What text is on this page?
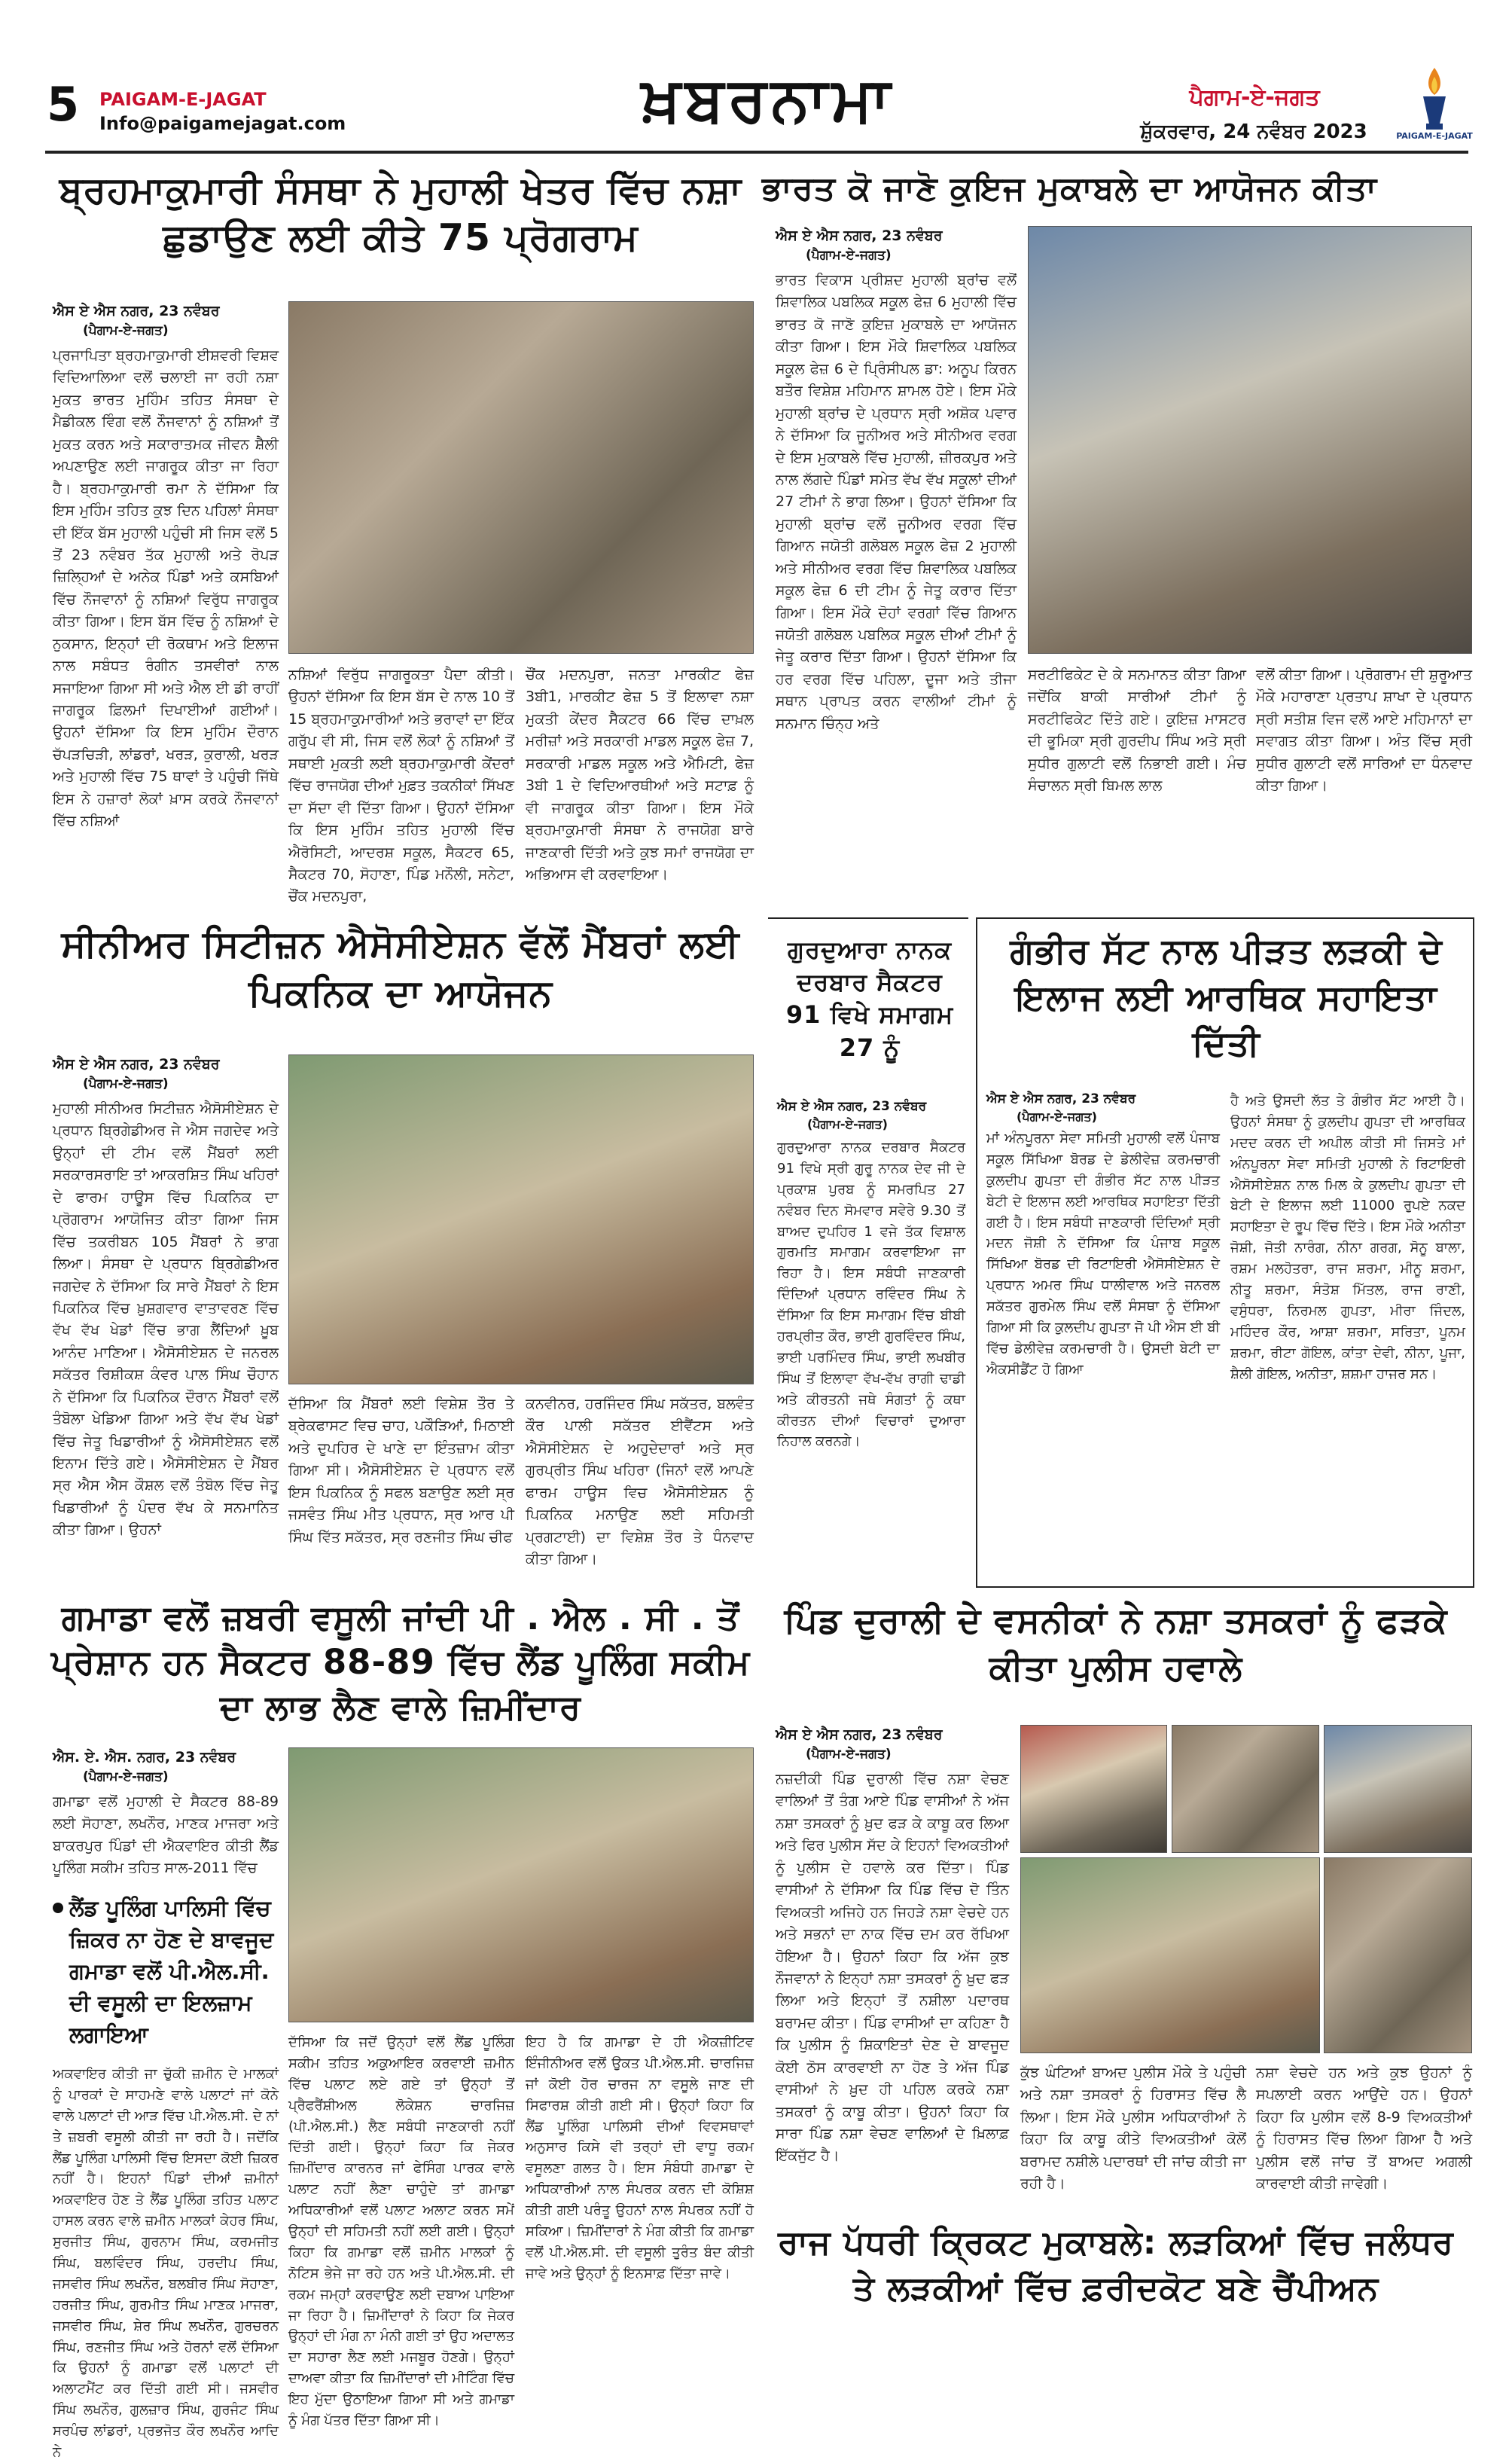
5 PAIGAM-E-JAGAT
Info@paigamejagat.com	ਖ਼ਬਰਨਾਮਾ	ਪੈਗਾਮ-ਏ-ਜਗਤ
ਸ਼ੁੱਕਰਵਾਰ, 24 ਨਵੰਬਰ 2023	PAIGAM-E-JAGAT
ਬ੍ਰਹਮਾਕੁਮਾਰੀ ਸੰਸਥਾ ਨੇ ਮੁਹਾਲੀ ਖੇਤਰ ਵਿੱਚ ਨਸ਼ਾ ਛੁਡਾਉਣ ਲਈ ਕੀਤੇ 75 ਪ੍ਰੋਗਰਾਮ
ਐਸ ਏ ਐਸ ਨਗਰ, 23 ਨਵੰਬਰ
(ਪੈਗਾਮ-ਏ-ਜਗਤ)
ਪ੍ਰਜਾਪਿਤਾ ਬ੍ਰਹਮਾਕੁਮਾਰੀ ਈਸ਼ਵਰੀ ਵਿਸ਼ਵ ਵਿਦਿਆਲਿਆ ਵਲੋਂ ਚਲਾਈ ਜਾ ਰਹੀ ਨਸ਼ਾ ਮੁਕਤ ਭਾਰਤ ਮੁਹਿੰਮ ਤਹਿਤ ਸੰਸਥਾ ਦੇ ਮੈਡੀਕਲ ਵਿੰਗ ਵਲੋਂ ਨੌਜਵਾਨਾਂ ਨੂੰ ਨਸ਼ਿਆਂ ਤੋਂ ਮੁਕਤ ਕਰਨ ਅਤੇ ਸਕਾਰਾਤਮਕ ਜੀਵਨ ਸ਼ੈਲੀ ਅਪਣਾਉਣ ਲਈ ਜਾਗਰੂਕ ਕੀਤਾ ਜਾ ਰਿਹਾ ਹੈ। ਬ੍ਰਹਮਾਕੁਮਾਰੀ ਰਮਾ ਨੇ ਦੱਸਿਆ ਕਿ ਇਸ ਮੁਹਿੰਮ ਤਹਿਤ ਕੁਝ ਦਿਨ ਪਹਿਲਾਂ ਸੰਸਥਾ ਦੀ ਇੱਕ ਬੱਸ ਮੁਹਾਲੀ ਪਹੁੰਚੀ ਸੀ ਜਿਸ ਵਲੋਂ 5 ਤੋਂ 23 ਨਵੰਬਰ ਤੱਕ ਮੁਹਾਲੀ ਅਤੇ ਰੋਪੜ ਜ਼ਿਲ੍ਹਿਆਂ ਦੇ ਅਨੇਕ ਪਿੰਡਾਂ ਅਤੇ ਕਸਬਿਆਂ ਵਿੱਚ ਨੌਜਵਾਨਾਂ ਨੂੰ ਨਸ਼ਿਆਂ ਵਿਰੁੱਧ ਜਾਗਰੂਕ ਕੀਤਾ ਗਿਆ। ਇਸ ਬੱਸ ਵਿੱਚ ਨੂੰ ਨਸ਼ਿਆਂ ਦੇ ਨੁਕਸਾਨ, ਇਨ੍ਹਾਂ ਦੀ ਰੋਕਥਾਮ ਅਤੇ ਇਲਾਜ ਨਾਲ ਸਬੰਧਤ ਰੰਗੀਨ ਤਸਵੀਰਾਂ ਨਾਲ ਸਜਾਇਆ ਗਿਆ ਸੀ ਅਤੇ ਐਲ ਈ ਡੀ ਰਾਹੀਂ ਜਾਗਰੂਕ ਫ਼ਿਲਮਾਂ ਦਿਖਾਈਆਂ ਗਈਆਂ। ਉਹਨਾਂ ਦੱਸਿਆ ਕਿ ਇਸ ਮੁਹਿੰਮ ਦੌਰਾਨ ਚੱਪੜਚਿੜੀ, ਲਾਂਡਰਾਂ, ਖਰੜ, ਕੁਰਾਲੀ, ਖਰੜ ਅਤੇ ਮੁਹਾਲੀ ਵਿੱਚ 75 ਥਾਵਾਂ ਤੇ ਪਹੁੰਚੀ ਜਿੱਥੇ ਇਸ ਨੇ ਹਜ਼ਾਰਾਂ ਲੋਕਾਂ ਖ਼ਾਸ ਕਰਕੇ ਨੌਜਵਾਨਾਂ ਵਿੱਚ ਨਸ਼ਿਆਂ
ਨਸ਼ਿਆਂ ਵਿਰੁੱਧ ਜਾਗਰੂਕਤਾ ਪੈਦਾ ਕੀਤੀ। ਉਹਨਾਂ ਦੱਸਿਆ ਕਿ ਇਸ ਬੱਸ ਦੇ ਨਾਲ 10 ਤੋਂ 15 ਬ੍ਰਹਮਾਕੁਮਾਰੀਆਂ ਅਤੇ ਭਰਾਵਾਂ ਦਾ ਇੱਕ ਗਰੁੱਪ ਵੀ ਸੀ, ਜਿਸ ਵਲੋਂ ਲੋਕਾਂ ਨੂੰ ਨਸ਼ਿਆਂ ਤੋਂ ਸਥਾਈ ਮੁਕਤੀ ਲਈ ਬ੍ਰਹਮਾਕੁਮਾਰੀ ਕੇਂਦਰਾਂ ਵਿੱਚ ਰਾਜਯੋਗ ਦੀਆਂ ਮੁਫ਼ਤ ਤਕਨੀਕਾਂ ਸਿੱਖਣ ਦਾ ਸੱਦਾ ਵੀ ਦਿੱਤਾ ਗਿਆ। ਉਹਨਾਂ ਦੱਸਿਆ ਕਿ ਇਸ ਮੁਹਿੰਮ ਤਹਿਤ ਮੁਹਾਲੀ ਵਿੱਚ ਐਰੋਸਿਟੀ, ਆਦਰਸ਼ ਸਕੂਲ, ਸੈਕਟਰ 65, ਸੈਕਟਰ 70, ਸੋਹਾਣਾ, ਪਿੰਡ ਮਨੌਲੀ, ਸਨੇਟਾ, ਚੌਂਕ ਮਦਨਪੁਰਾ,
ਚੌਂਕ ਮਦਨਪੁਰਾ, ਜਨਤਾ ਮਾਰਕੀਟ ਫੇਜ਼ 3ਬੀ1, ਮਾਰਕੀਟ ਫੇਜ਼ 5 ਤੋਂ ਇਲਾਵਾ ਨਸ਼ਾ ਮੁਕਤੀ ਕੇਂਦਰ ਸੈਕਟਰ 66 ਵਿੱਚ ਦਾਖ਼ਲ ਮਰੀਜ਼ਾਂ ਅਤੇ ਸਰਕਾਰੀ ਮਾਡਲ ਸਕੂਲ ਫੇਜ਼ 7, ਸਰਕਾਰੀ ਮਾਡਲ ਸਕੂਲ ਅਤੇ ਐਮਿਟੀ, ਫੇਜ਼ 3ਬੀ 1 ਦੇ ਵਿਦਿਆਰਥੀਆਂ ਅਤੇ ਸਟਾਫ਼ ਨੂੰ ਵੀ ਜਾਗਰੂਕ ਕੀਤਾ ਗਿਆ। ਇਸ ਮੌਕੇ ਬ੍ਰਹਮਾਕੁਮਾਰੀ ਸੰਸਥਾ ਨੇ ਰਾਜਯੋਗ ਬਾਰੇ ਜਾਣਕਾਰੀ ਦਿੱਤੀ ਅਤੇ ਕੁਝ ਸਮਾਂ ਰਾਜਯੋਗ ਦਾ ਅਭਿਆਸ ਵੀ ਕਰਵਾਇਆ।
ਭਾਰਤ ਕੋ ਜਾਣੋ ਕੁਇਜ ਮੁਕਾਬਲੇ ਦਾ ਆਯੋਜਨ ਕੀਤਾ
ਐਸ ਏ ਐਸ ਨਗਰ, 23 ਨਵੰਬਰ
(ਪੈਗਾਮ-ਏ-ਜਗਤ)
ਭਾਰਤ ਵਿਕਾਸ ਪ੍ਰੀਸ਼ਦ ਮੁਹਾਲੀ ਬ੍ਰਾਂਚ ਵਲੋਂ ਸ਼ਿਵਾਲਿਕ ਪਬਲਿਕ ਸਕੂਲ ਫੇਜ਼ 6 ਮੁਹਾਲੀ ਵਿੱਚ ਭਾਰਤ ਕੋ ਜਾਣੋ ਕੁਇਜ਼ ਮੁਕਾਬਲੇ ਦਾ ਆਯੋਜਨ ਕੀਤਾ ਗਿਆ। ਇਸ ਮੌਕੇ ਸ਼ਿਵਾਲਿਕ ਪਬਲਿਕ ਸਕੂਲ ਫੇਜ਼ 6 ਦੇ ਪ੍ਰਿੰਸੀਪਲ ਡਾ: ਅਨੂਪ ਕਿਰਨ ਬਤੌਰ ਵਿਸ਼ੇਸ਼ ਮਹਿਮਾਨ ਸ਼ਾਮਲ ਹੋਏ। ਇਸ ਮੌਕੇ ਮੁਹਾਲੀ ਬ੍ਰਾਂਚ ਦੇ ਪ੍ਰਧਾਨ ਸ੍ਰੀ ਅਸ਼ੋਕ ਪਵਾਰ ਨੇ ਦੱਸਿਆ ਕਿ ਜੂਨੀਅਰ ਅਤੇ ਸੀਨੀਅਰ ਵਰਗ ਦੇ ਇਸ ਮੁਕਾਬਲੇ ਵਿੱਚ ਮੁਹਾਲੀ, ਜ਼ੀਰਕਪੁਰ ਅਤੇ ਨਾਲ ਲੱਗਦੇ ਪਿੰਡਾਂ ਸਮੇਤ ਵੱਖ ਵੱਖ ਸਕੂਲਾਂ ਦੀਆਂ 27 ਟੀਮਾਂ ਨੇ ਭਾਗ ਲਿਆ। ਉਹਨਾਂ ਦੱਸਿਆ ਕਿ ਮੁਹਾਲੀ ਬ੍ਰਾਂਚ ਵਲੋਂ ਜੂਨੀਅਰ ਵਰਗ ਵਿੱਚ ਗਿਆਨ ਜਯੋਤੀ ਗਲੋਬਲ ਸਕੂਲ ਫੇਜ਼ 2 ਮੁਹਾਲੀ ਅਤੇ ਸੀਨੀਅਰ ਵਰਗ ਵਿੱਚ ਸ਼ਿਵਾਲਿਕ ਪਬਲਿਕ ਸਕੂਲ ਫੇਜ਼ 6 ਦੀ ਟੀਮ ਨੂੰ ਜੇਤੂ ਕਰਾਰ ਦਿੱਤਾ ਗਿਆ। ਇਸ ਮੌਕੇ ਦੋਹਾਂ ਵਰਗਾਂ ਵਿੱਚ ਗਿਆਨ ਜਯੋਤੀ ਗਲੋਬਲ ਪਬਲਿਕ ਸਕੂਲ ਦੀਆਂ ਟੀਮਾਂ ਨੂੰ ਜੇਤੂ ਕਰਾਰ ਦਿੱਤਾ ਗਿਆ। ਉਹਨਾਂ ਦੱਸਿਆ ਕਿ ਹਰ ਵਰਗ ਵਿੱਚ ਪਹਿਲਾ, ਦੂਜਾ ਅਤੇ ਤੀਜਾ ਸਥਾਨ ਪ੍ਰਾਪਤ ਕਰਨ ਵਾਲੀਆਂ ਟੀਮਾਂ ਨੂੰ ਸਨਮਾਨ ਚਿੰਨ੍ਹ ਅਤੇ
ਸਰਟੀਫਿਕੇਟ ਦੇ ਕੇ ਸਨਮਾਨਤ ਕੀਤਾ ਗਿਆ ਜਦੋਂਕਿ ਬਾਕੀ ਸਾਰੀਆਂ ਟੀਮਾਂ ਨੂੰ ਸਰਟੀਫਿਕੇਟ ਦਿੱਤੇ ਗਏ। ਕੁਇਜ਼ ਮਾਸਟਰ ਦੀ ਭੂਮਿਕਾ ਸ੍ਰੀ ਗੁਰਦੀਪ ਸਿੰਘ ਅਤੇ ਸ੍ਰੀ ਸੁਧੀਰ ਗੁਲਾਟੀ ਵਲੋਂ ਨਿਭਾਈ ਗਈ। ਮੰਚ ਸੰਚਾਲਨ ਸ੍ਰੀ ਬਿਮਲ ਲਾਲ
ਵਲੋਂ ਕੀਤਾ ਗਿਆ। ਪ੍ਰੋਗਰਾਮ ਦੀ ਸ਼ੁਰੂਆਤ ਮੌਕੇ ਮਹਾਰਾਣਾ ਪ੍ਰਤਾਪ ਸ਼ਾਖਾ ਦੇ ਪ੍ਰਧਾਨ ਸ੍ਰੀ ਸਤੀਸ਼ ਵਿਜ ਵਲੋਂ ਆਏ ਮਹਿਮਾਨਾਂ ਦਾ ਸਵਾਗਤ ਕੀਤਾ ਗਿਆ। ਅੰਤ ਵਿੱਚ ਸ੍ਰੀ ਸੁਧੀਰ ਗੁਲਾਟੀ ਵਲੋਂ ਸਾਰਿਆਂ ਦਾ ਧੰਨਵਾਦ ਕੀਤਾ ਗਿਆ।
ਸੀਨੀਅਰ ਸਿਟੀਜ਼ਨ ਐਸੋਸੀਏਸ਼ਨ ਵੱਲੋਂ ਮੈਂਬਰਾਂ ਲਈ ਪਿਕਨਿਕ ਦਾ ਆਯੋਜਨ
ਐਸ ਏ ਐਸ ਨਗਰ, 23 ਨਵੰਬਰ
(ਪੈਗਾਮ-ਏ-ਜਗਤ)
ਮੁਹਾਲੀ ਸੀਨੀਅਰ ਸਿਟੀਜ਼ਨ ਐਸੋਸੀਏਸ਼ਨ ਦੇ ਪ੍ਰਧਾਨ ਬ੍ਰਿਗੇਡੀਅਰ ਜੇ ਐਸ ਜਗਦੇਵ ਅਤੇ ਉਨ੍ਹਾਂ ਦੀ ਟੀਮ ਵਲੋਂ ਮੈਂਬਰਾਂ ਲਈ ਸਰਕਾਰਸਰਾਇ ਤਾਂ ਆਕਰਸ਼ਿਤ ਸਿੰਘ ਖਹਿਰਾਂ ਦੇ ਫਾਰਮ ਹਾਊਸ ਵਿੱਚ ਪਿਕਨਿਕ ਦਾ ਪ੍ਰੋਗਰਾਮ ਆਯੋਜਿਤ ਕੀਤਾ ਗਿਆ ਜਿਸ ਵਿੱਚ ਤਕਰੀਬਨ 105 ਮੈਂਬਰਾਂ ਨੇ ਭਾਗ ਲਿਆ। ਸੰਸਥਾ ਦੇ ਪ੍ਰਧਾਨ ਬ੍ਰਿਗੇਡੀਅਰ ਜਗਦੇਵ ਨੇ ਦੱਸਿਆ ਕਿ ਸਾਰੇ ਮੈਂਬਰਾਂ ਨੇ ਇਸ ਪਿਕਨਿਕ ਵਿੱਚ ਖ਼ੁਸ਼ਗਵਾਰ ਵਾਤਾਵਰਣ ਵਿੱਚ ਵੱਖ ਵੱਖ ਖੇਡਾਂ ਵਿੱਚ ਭਾਗ ਲੈਂਦਿਆਂ ਖ਼ੂਬ ਆਨੰਦ ਮਾਣਿਆ। ਐਸੋਸੀਏਸ਼ਨ ਦੇ ਜਨਰਲ ਸਕੱਤਰ ਰਿਸ਼ੀਕਸ਼ ਕੰਵਰ ਪਾਲ ਸਿੰਘ ਚੌਹਾਨ ਨੇ ਦੱਸਿਆ ਕਿ ਪਿਕਨਿਕ ਦੌਰਾਨ ਮੈਂਬਰਾਂ ਵਲੋਂ ਤੰਬੋਲਾ ਖੇਡਿਆ ਗਿਆ ਅਤੇ ਵੱਖ ਵੱਖ ਖੇਡਾਂ ਵਿੱਚ ਜੇਤੂ ਖਿਡਾਰੀਆਂ ਨੂੰ ਐਸੋਸੀਏਸ਼ਨ ਵਲੋਂ ਇਨਾਮ ਦਿੱਤੇ ਗਏ। ਐਸੋਸੀਏਸ਼ਨ ਦੇ ਮੈਂਬਰ ਸ੍ਰ ਐਸ ਐਸ ਕੌਸ਼ਲ ਵਲੋਂ ਤੰਬੋਲ ਵਿੱਚ ਜੇਤੂ ਖਿਡਾਰੀਆਂ ਨੂੰ ਪੰਦਰ ਵੱਖ ਕੇ ਸਨਮਾਨਿਤ ਕੀਤਾ ਗਿਆ। ਉਹਨਾਂ
ਦੱਸਿਆ ਕਿ ਮੈਂਬਰਾਂ ਲਈ ਵਿਸ਼ੇਸ਼ ਤੌਰ ਤੇ ਬ੍ਰੇਕਫਾਸਟ ਵਿਚ ਚਾਹ, ਪਕੌੜਿਆਂ, ਮਿਠਾਈ ਅਤੇ ਦੁਪਹਿਰ ਦੇ ਖਾਣੇ ਦਾ ਇੰਤਜ਼ਾਮ ਕੀਤਾ ਗਿਆ ਸੀ। ਐਸੋਸੀਏਸ਼ਨ ਦੇ ਪ੍ਰਧਾਨ ਵਲੋਂ ਇਸ ਪਿਕਨਿਕ ਨੂੰ ਸਫਲ ਬਣਾਉਣ ਲਈ ਸ੍ਰ ਜਸਵੰਤ ਸਿੰਘ ਮੀਤ ਪ੍ਰਧਾਨ, ਸ੍ਰ ਆਰ ਪੀ ਸਿੰਘ ਵਿੱਤ ਸਕੱਤਰ, ਸ੍ਰ ਰਣਜੀਤ ਸਿੰਘ ਚੀਫ
ਕਨਵੀਨਰ, ਹਰਜਿੰਦਰ ਸਿੰਘ ਸਕੱਤਰ, ਬਲਵੰਤ ਕੌਰ ਪਾਲੀ ਸਕੱਤਰ ਈਵੈਂਟਸ ਅਤੇ ਐਸੋਸੀਏਸ਼ਨ ਦੇ ਅਹੁਦੇਦਾਰਾਂ ਅਤੇ ਸ੍ਰ ਗੁਰਪ੍ਰੀਤ ਸਿੰਘ ਖਹਿਰਾ (ਜਿਨਾਂ ਵਲੋਂ ਆਪਣੇ ਫਾਰਮ ਹਾਊਸ ਵਿਚ ਐਸੋਸੀਏਸ਼ਨ ਨੂੰ ਪਿਕਨਿਕ ਮਨਾਉਣ ਲਈ ਸਹਿਮਤੀ ਪ੍ਰਗਟਾਈ) ਦਾ ਵਿਸ਼ੇਸ਼ ਤੌਰ ਤੇ ਧੰਨਵਾਦ ਕੀਤਾ ਗਿਆ।
ਗੁਰਦੁਆਰਾ ਨਾਨਕ ਦਰਬਾਰ ਸੈਕਟਰ 91 ਵਿਖੇ ਸਮਾਗਮ 27 ਨੂੰ
ਐਸ ਏ ਐਸ ਨਗਰ, 23 ਨਵੰਬਰ
(ਪੈਗਾਮ-ਏ-ਜਗਤ)
ਗੁਰਦੁਆਰਾ ਨਾਨਕ ਦਰਬਾਰ ਸੈਕਟਰ 91 ਵਿਖੇ ਸ੍ਰੀ ਗੁਰੂ ਨਾਨਕ ਦੇਵ ਜੀ ਦੇ ਪ੍ਰਕਾਸ਼ ਪੁਰਬ ਨੂੰ ਸਮਰਪਿਤ 27 ਨਵੰਬਰ ਦਿਨ ਸੋਮਵਾਰ ਸਵੇਰੇ 9.30 ਤੋਂ ਬਾਅਦ ਦੁਪਹਿਰ 1 ਵਜੇ ਤੱਕ ਵਿਸ਼ਾਲ ਗੁਰਮਤਿ ਸਮਾਗਮ ਕਰਵਾਇਆ ਜਾ ਰਿਹਾ ਹੈ। ਇਸ ਸਬੰਧੀ ਜਾਣਕਾਰੀ ਦਿੰਦਿਆਂ ਪ੍ਰਧਾਨ ਰਵਿੰਦਰ ਸਿੰਘ ਨੇ ਦੱਸਿਆ ਕਿ ਇਸ ਸਮਾਗਮ ਵਿੱਚ ਬੀਬੀ ਹਰਪ੍ਰੀਤ ਕੌਰ, ਭਾਈ ਗੁਰਵਿੰਦਰ ਸਿੰਘ, ਭਾਈ ਪਰਮਿੰਦਰ ਸਿੰਘ, ਭਾਈ ਲਖਬੀਰ ਸਿੰਘ ਤੋਂ ਇਲਾਵਾ ਵੱਖ-ਵੱਖ ਰਾਗੀ ਢਾਡੀ ਅਤੇ ਕੀਰਤਨੀ ਜਥੇ ਸੰਗਤਾਂ ਨੂੰ ਕਥਾ ਕੀਰਤਨ ਦੀਆਂ ਵਿਚਾਰਾਂ ਦੁਆਰਾ ਨਿਹਾਲ ਕਰਨਗੇ।
ਗੰਭੀਰ ਸੱਟ ਨਾਲ ਪੀੜਤ ਲੜਕੀ ਦੇ ਇਲਾਜ ਲਈ ਆਰਥਿਕ ਸਹਾਇਤਾ ਦਿੱਤੀ
ਐਸ ਏ ਐਸ ਨਗਰ, 23 ਨਵੰਬਰ
(ਪੈਗਾਮ-ਏ-ਜਗਤ)
ਮਾਂ ਅੰਨਪੂਰਨਾ ਸੇਵਾ ਸਮਿਤੀ ਮੁਹਾਲੀ ਵਲੋਂ ਪੰਜਾਬ ਸਕੂਲ ਸਿੱਖਿਆ ਬੋਰਡ ਦੇ ਡੇਲੀਵੇਜ਼ ਕਰਮਚਾਰੀ ਕੁਲਦੀਪ ਗੁਪਤਾ ਦੀ ਗੰਭੀਰ ਸੱਟ ਨਾਲ ਪੀੜਤ ਬੇਟੀ ਦੇ ਇਲਾਜ ਲਈ ਆਰਥਿਕ ਸਹਾਇਤਾ ਦਿੱਤੀ ਗਈ ਹੈ। ਇਸ ਸਬੰਧੀ ਜਾਣਕਾਰੀ ਦਿੰਦਿਆਂ ਸ੍ਰੀ ਮਦਨ ਜੋਸ਼ੀ ਨੇ ਦੱਸਿਆ ਕਿ ਪੰਜਾਬ ਸਕੂਲ ਸਿੱਖਿਆ ਬੋਰਡ ਦੀ ਰਿਟਾਇਰੀ ਐਸੋਸੀਏਸ਼ਨ ਦੇ ਪ੍ਰਧਾਨ ਅਮਰ ਸਿੰਘ ਧਾਲੀਵਾਲ ਅਤੇ ਜਨਰਲ ਸਕੱਤਰ ਗੁਰਮੇਲ ਸਿੰਘ ਵਲੋਂ ਸੰਸਥਾ ਨੂੰ ਦੱਸਿਆ ਗਿਆ ਸੀ ਕਿ ਕੁਲਦੀਪ ਗੁਪਤਾ ਜੋ ਪੀ ਐਸ ਈ ਬੀ ਵਿੱਚ ਡੇਲੀਵੇਜ਼ ਕਰਮਚਾਰੀ ਹੈ। ਉਸਦੀ ਬੇਟੀ ਦਾ ਐਕਸੀਡੈਂਟ ਹੋ ਗਿਆ
ਹੈ ਅਤੇ ਉਸਦੀ ਲੱਤ ਤੇ ਗੰਭੀਰ ਸੱਟ ਆਈ ਹੈ। ਉਹਨਾਂ ਸੰਸਥਾ ਨੂੰ ਕੁਲਦੀਪ ਗੁਪਤਾ ਦੀ ਆਰਥਿਕ ਮਦਦ ਕਰਨ ਦੀ ਅਪੀਲ ਕੀਤੀ ਸੀ ਜਿਸਤੇ ਮਾਂ ਅੰਨਪੂਰਨਾ ਸੇਵਾ ਸਮਿਤੀ ਮੁਹਾਲੀ ਨੇ ਰਿਟਾਇਰੀ ਐਸੋਸੀਏਸ਼ਨ ਨਾਲ ਮਿਲ ਕੇ ਕੁਲਦੀਪ ਗੁਪਤਾ ਦੀ ਬੇਟੀ ਦੇ ਇਲਾਜ ਲਈ 11000 ਰੁਪਏ ਨਕਦ ਸਹਾਇਤਾ ਦੇ ਰੂਪ ਵਿੱਚ ਦਿੱਤੇ। ਇਸ ਮੌਕੇ ਅਨੀਤਾ ਜੋਸ਼ੀ, ਜੋਤੀ ਨਾਰੰਗ, ਨੀਨਾ ਗਰਗ, ਸੋਨੂ ਬਾਲਾ, ਰਸ਼ਮ ਮਲਹੋਤਰਾ, ਰਾਜ ਸ਼ਰਮਾ, ਮੀਨੂ ਸ਼ਰਮਾ, ਨੀਤੂ ਸ਼ਰਮਾ, ਸੰਤੋਸ਼ ਮਿੱਤਲ, ਰਾਜ ਰਾਣੀ, ਵਸੁੰਧਰਾ, ਨਿਰਮਲ ਗੁਪਤਾ, ਮੀਰਾ ਜਿੰਦਲ, ਮਹਿੰਦਰ ਕੌਰ, ਆਸ਼ਾ ਸ਼ਰਮਾ, ਸਰਿਤਾ, ਪੂਨਮ ਸ਼ਰਮਾ, ਰੀਟਾ ਗੋਇਲ, ਕਾਂਤਾ ਦੇਵੀ, ਨੀਨਾ, ਪੂਜਾ, ਸ਼ੈਲੀ ਗੋਇਲ, ਅਨੀਤਾ, ਸ਼ਸ਼ਮਾ ਹਾਜਰ ਸਨ।
ਪਿੰਡ ਦੁਰਾਲੀ ਦੇ ਵਸਨੀਕਾਂ ਨੇ ਨਸ਼ਾ ਤਸਕਰਾਂ ਨੂੰ ਫੜਕੇ ਕੀਤਾ ਪੁਲੀਸ ਹਵਾਲੇ
ਐਸ ਏ ਐਸ ਨਗਰ, 23 ਨਵੰਬਰ
(ਪੈਗਾਮ-ਏ-ਜਗਤ)
ਨਜ਼ਦੀਕੀ ਪਿੰਡ ਦੁਰਾਲੀ ਵਿੱਚ ਨਸ਼ਾ ਵੇਚਣ ਵਾਲਿਆਂ ਤੋਂ ਤੰਗ ਆਏ ਪਿੰਡ ਵਾਸੀਆਂ ਨੇ ਅੱਜ ਨਸ਼ਾ ਤਸਕਰਾਂ ਨੂੰ ਖ਼ੁਦ ਫੜ ਕੇ ਕਾਬੂ ਕਰ ਲਿਆ ਅਤੇ ਫਿਰ ਪੁਲੀਸ ਸੱਦ ਕੇ ਇਹਨਾਂ ਵਿਅਕਤੀਆਂ ਨੂੰ ਪੁਲੀਸ ਦੇ ਹਵਾਲੇ ਕਰ ਦਿੱਤਾ। ਪਿੰਡ ਵਾਸੀਆਂ ਨੇ ਦੱਸਿਆ ਕਿ ਪਿੰਡ ਵਿੱਚ ਦੋ ਤਿੰਨ ਵਿਅਕਤੀ ਅਜਿਹੇ ਹਨ ਜਿਹੜੇ ਨਸ਼ਾ ਵੇਚਦੇ ਹਨ ਅਤੇ ਸਭਨਾਂ ਦਾ ਨਾਕ ਵਿੱਚ ਦਮ ਕਰ ਰੱਖਿਆ ਹੋਇਆ ਹੈ। ਉਹਨਾਂ ਕਿਹਾ ਕਿ ਅੱਜ ਕੁਝ ਨੌਜਵਾਨਾਂ ਨੇ ਇਨ੍ਹਾਂ ਨਸ਼ਾ ਤਸਕਰਾਂ ਨੂੰ ਖ਼ੁਦ ਫੜ ਲਿਆ ਅਤੇ ਇਨ੍ਹਾਂ ਤੋਂ ਨਸ਼ੀਲਾ ਪਦਾਰਥ ਬਰਾਮਦ ਕੀਤਾ। ਪਿੰਡ ਵਾਸੀਆਂ ਦਾ ਕਹਿਣਾ ਹੈ ਕਿ ਪੁਲੀਸ ਨੂੰ ਸ਼ਿਕਾਇਤਾਂ ਦੇਣ ਦੇ ਬਾਵਜੂਦ ਕੋਈ ਠੋਸ ਕਾਰਵਾਈ ਨਾ ਹੋਣ ਤੇ ਅੱਜ ਪਿੰਡ ਵਾਸੀਆਂ ਨੇ ਖ਼ੁਦ ਹੀ ਪਹਿਲ ਕਰਕੇ ਨਸ਼ਾ ਤਸਕਰਾਂ ਨੂੰ ਕਾਬੂ ਕੀਤਾ। ਉਹਨਾਂ ਕਿਹਾ ਕਿ ਸਾਰਾ ਪਿੰਡ ਨਸ਼ਾ ਵੇਚਣ ਵਾਲਿਆਂ ਦੇ ਖ਼ਿਲਾਫ਼ ਇੱਕਜੁੱਟ ਹੈ।
ਕੁੱਝ ਘੰਟਿਆਂ ਬਾਅਦ ਪੁਲੀਸ ਮੌਕੇ ਤੇ ਪਹੁੰਚੀ ਅਤੇ ਨਸ਼ਾ ਤਸਕਰਾਂ ਨੂੰ ਹਿਰਾਸਤ ਵਿੱਚ ਲੈ ਲਿਆ। ਇਸ ਮੌਕੇ ਪੁਲੀਸ ਅਧਿਕਾਰੀਆਂ ਨੇ ਕਿਹਾ ਕਿ ਕਾਬੂ ਕੀਤੇ ਵਿਅਕਤੀਆਂ ਕੋਲੋਂ ਬਰਾਮਦ ਨਸ਼ੀਲੇ ਪਦਾਰਥਾਂ ਦੀ ਜਾਂਚ ਕੀਤੀ ਜਾ ਰਹੀ ਹੈ।
ਨਸ਼ਾ ਵੇਚਦੇ ਹਨ ਅਤੇ ਕੁਝ ਉਹਨਾਂ ਨੂੰ ਸਪਲਾਈ ਕਰਨ ਆਉਂਦੇ ਹਨ। ਉਹਨਾਂ ਕਿਹਾ ਕਿ ਪੁਲੀਸ ਵਲੋਂ 8-9 ਵਿਅਕਤੀਆਂ ਨੂੰ ਹਿਰਾਸਤ ਵਿੱਚ ਲਿਆ ਗਿਆ ਹੈ ਅਤੇ ਪੁਲੀਸ ਵਲੋਂ ਜਾਂਚ ਤੋਂ ਬਾਅਦ ਅਗਲੀ ਕਾਰਵਾਈ ਕੀਤੀ ਜਾਵੇਗੀ।
ਗਮਾਡਾ ਵਲੋਂ ਜ਼ਬਰੀ ਵਸੂਲੀ ਜਾਂਦੀ ਪੀ . ਐਲ . ਸੀ . ਤੋਂ ਪ੍ਰੇਸ਼ਾਨ ਹਨ ਸੈਕਟਰ 88-89 ਵਿੱਚ ਲੈਂਡ ਪੂਲਿੰਗ ਸਕੀਮ ਦਾ ਲਾਭ ਲੈਣ ਵਾਲੇ ਜ਼ਿਮੀਂਦਾਰ
ਐਸ. ਏ. ਐਸ. ਨਗਰ, 23 ਨਵੰਬਰ
(ਪੈਗਾਮ-ਏ-ਜਗਤ)
ਗਮਾਡਾ ਵਲੋਂ ਮੁਹਾਲੀ ਦੇ ਸੈਕਟਰ 88-89 ਲਈ ਸੋਹਾਣਾ, ਲਖਨੌਰ, ਮਾਣਕ ਮਾਜਰਾ ਅਤੇ ਬਾਕਰਪੁਰ ਪਿੰਡਾਂ ਦੀ ਐਕਵਾਇਰ ਕੀਤੀ ਲੈਂਡ ਪੂਲਿੰਗ ਸਕੀਮ ਤਹਿਤ ਸਾਲ-2011 ਵਿੱਚ
ਲੈਂਡ ਪੂਲਿੰਗ ਪਾਲਿਸੀ ਵਿੱਚ ਜ਼ਿਕਰ ਨਾ ਹੋਣ ਦੇ ਬਾਵਜੂਦ ਗਮਾਡਾ ਵਲੋਂ ਪੀ.ਐਲ.ਸੀ. ਦੀ ਵਸੂਲੀ ਦਾ ਇਲਜ਼ਾਮ ਲਗਾਇਆ
ਅਕਵਾਇਰ ਕੀਤੀ ਜਾ ਚੁੱਕੀ ਜ਼ਮੀਨ ਦੇ ਮਾਲਕਾਂ ਨੂੰ ਪਾਰਕਾਂ ਦੇ ਸਾਹਮਣੇ ਵਾਲੇ ਪਲਾਟਾਂ ਜਾਂ ਕੋਨੇ ਵਾਲੇ ਪਲਾਟਾਂ ਦੀ ਆੜ ਵਿੱਚ ਪੀ.ਐਲ.ਸੀ. ਦੇ ਨਾਂ ਤੇ ਜ਼ਬਰੀ ਵਸੂਲੀ ਕੀਤੀ ਜਾ ਰਹੀ ਹੈ। ਜਦੋਂਕਿ ਲੈਂਡ ਪੂਲਿੰਗ ਪਾਲਿਸੀ ਵਿੱਚ ਇਸਦਾ ਕੋਈ ਜ਼ਿਕਰ ਨਹੀਂ ਹੈ। ਇਹਨਾਂ ਪਿੰਡਾਂ ਦੀਆਂ ਜ਼ਮੀਨਾਂ ਅਕਵਾਇਰ ਹੋਣ ਤੇ ਲੈਂਡ ਪੂਲਿੰਗ ਤਹਿਤ ਪਲਾਟ ਹਾਸਲ ਕਰਨ ਵਾਲੇ ਜ਼ਮੀਨ ਮਾਲਕਾਂ ਕੇਹਰ ਸਿੰਘ, ਸੁਰਜੀਤ ਸਿੰਘ, ਗੁਰਨਾਮ ਸਿੰਘ, ਕਰਮਜੀਤ ਸਿੰਘ, ਬਲਵਿੰਦਰ ਸਿੰਘ, ਹਰਦੀਪ ਸਿੰਘ, ਜਸਵੀਰ ਸਿੰਘ ਲਖਨੌਰ, ਬਲਬੀਰ ਸਿੰਘ ਸੋਹਾਣਾ, ਹਰਜੀਤ ਸਿੰਘ, ਗੁਰਮੀਤ ਸਿੰਘ ਮਾਣਕ ਮਾਜਰਾ, ਜਸਵੀਰ ਸਿੰਘ, ਸ਼ੇਰ ਸਿੰਘ ਲਖਨੌਰ, ਗੁਰਚਰਨ ਸਿੰਘ, ਰਣਜੀਤ ਸਿੰਘ ਅਤੇ ਹੋਰਨਾਂ ਵਲੋਂ ਦੱਸਿਆ ਕਿ ਉਹਨਾਂ ਨੂੰ ਗਮਾਡਾ ਵਲੋਂ ਪਲਾਟਾਂ ਦੀ ਅਲਾਟਮੈਂਟ ਕਰ ਦਿੱਤੀ ਗਈ ਸੀ। ਜਸਵੀਰ ਸਿੰਘ ਲਖਨੌਰ, ਗੁਲਜ਼ਾਰ ਸਿੰਘ, ਗੁਰਜੰਟ ਸਿੰਘ ਸਰਪੰਚ ਲਾਂਡਰਾਂ, ਪ੍ਰਭਜੋਤ ਕੌਰ ਲਖਨੌਰ ਆਦਿ ਨੇ
ਦੱਸਿਆ ਕਿ ਜਦੋਂ ਉਨ੍ਹਾਂ ਵਲੋਂ ਲੈਂਡ ਪੂਲਿੰਗ ਸਕੀਮ ਤਹਿਤ ਅਕੁਆਇਰ ਕਰਵਾਈ ਜ਼ਮੀਨ ਵਿੱਚ ਪਲਾਟ ਲਏ ਗਏ ਤਾਂ ਉਨ੍ਹਾਂ ਤੋਂ ਪ੍ਰੈਫਰੈਂਸ਼ੀਅਲ ਲੋਕੇਸ਼ਨ ਚਾਰਜਿਜ਼ (ਪੀ.ਐਲ.ਸੀ.) ਲੈਣ ਸਬੰਧੀ ਜਾਣਕਾਰੀ ਨਹੀਂ ਦਿੱਤੀ ਗਈ। ਉਨ੍ਹਾਂ ਕਿਹਾ ਕਿ ਜੇਕਰ ਜ਼ਿਮੀਂਦਾਰ ਕਾਰਨਰ ਜਾਂ ਫੇਸਿੰਗ ਪਾਰਕ ਵਾਲੇ ਪਲਾਟ ਨਹੀਂ ਲੈਣਾ ਚਾਹੁੰਦੇ ਤਾਂ ਗਮਾਡਾ ਅਧਿਕਾਰੀਆਂ ਵਲੋਂ ਪਲਾਟ ਅਲਾਟ ਕਰਨ ਸਮੇਂ ਉਨ੍ਹਾਂ ਦੀ ਸਹਿਮਤੀ ਨਹੀਂ ਲਈ ਗਈ। ਉਨ੍ਹਾਂ ਕਿਹਾ ਕਿ ਗਮਾਡਾ ਵਲੋਂ ਜ਼ਮੀਨ ਮਾਲਕਾਂ ਨੂੰ ਨੋਟਿਸ ਭੇਜੇ ਜਾ ਰਹੇ ਹਨ ਅਤੇ ਪੀ.ਐਲ.ਸੀ. ਦੀ ਰਕਮ ਜਮ੍ਹਾਂ ਕਰਵਾਉਣ ਲਈ ਦਬਾਅ ਪਾਇਆ ਜਾ ਰਿਹਾ ਹੈ। ਜ਼ਿਮੀਂਦਾਰਾਂ ਨੇ ਕਿਹਾ ਕਿ ਜੇਕਰ ਉਨ੍ਹਾਂ ਦੀ ਮੰਗ ਨਾ ਮੰਨੀ ਗਈ ਤਾਂ ਉਹ ਅਦਾਲਤ ਦਾ ਸਹਾਰਾ ਲੈਣ ਲਈ ਮਜਬੂਰ ਹੋਣਗੇ। ਉਨ੍ਹਾਂ ਦਾਅਵਾ ਕੀਤਾ ਕਿ ਜ਼ਿਮੀਂਦਾਰਾਂ ਦੀ ਮੀਟਿੰਗ ਵਿੱਚ ਇਹ ਮੁੱਦਾ ਉਠਾਇਆ ਗਿਆ ਸੀ ਅਤੇ ਗਮਾਡਾ ਨੂੰ ਮੰਗ ਪੱਤਰ ਦਿੱਤਾ ਗਿਆ ਸੀ।
ਇਹ ਹੈ ਕਿ ਗਮਾਡਾ ਦੇ ਹੀ ਐਕਜ਼ੀਟਿਵ ਇੰਜੀਨੀਅਰ ਵਲੋਂ ਉਕਤ ਪੀ.ਐਲ.ਸੀ. ਚਾਰਜਿਜ਼ ਜਾਂ ਕੋਈ ਹੋਰ ਚਾਰਜ ਨਾ ਵਸੂਲੇ ਜਾਣ ਦੀ ਸਿਫਾਰਸ਼ ਕੀਤੀ ਗਈ ਸੀ। ਉਨ੍ਹਾਂ ਕਿਹਾ ਕਿ ਲੈਂਡ ਪੂਲਿੰਗ ਪਾਲਿਸੀ ਦੀਆਂ ਵਿਵਸਥਾਵਾਂ ਅਨੁਸਾਰ ਕਿਸੇ ਵੀ ਤਰ੍ਹਾਂ ਦੀ ਵਾਧੂ ਰਕਮ ਵਸੂਲਣਾ ਗਲਤ ਹੈ। ਇਸ ਸੰਬੰਧੀ ਗਮਾਡਾ ਦੇ ਅਧਿਕਾਰੀਆਂ ਨਾਲ ਸੰਪਰਕ ਕਰਨ ਦੀ ਕੋਸ਼ਿਸ਼ ਕੀਤੀ ਗਈ ਪਰੰਤੂ ਉਹਨਾਂ ਨਾਲ ਸੰਪਰਕ ਨਹੀਂ ਹੋ ਸਕਿਆ। ਜ਼ਿਮੀਂਦਾਰਾਂ ਨੇ ਮੰਗ ਕੀਤੀ ਕਿ ਗਮਾਡਾ ਵਲੋਂ ਪੀ.ਐਲ.ਸੀ. ਦੀ ਵਸੂਲੀ ਤੁਰੰਤ ਬੰਦ ਕੀਤੀ ਜਾਵੇ ਅਤੇ ਉਨ੍ਹਾਂ ਨੂੰ ਇਨਸਾਫ਼ ਦਿੱਤਾ ਜਾਵੇ।
ਰਾਜ ਪੱਧਰੀ ਕ੍ਰਿਕਟ ਮੁਕਾਬਲੇ: ਲੜਕਿਆਂ ਵਿੱਚ ਜਲੰਧਰ ਤੇ ਲੜਕੀਆਂ ਵਿੱਚ ਫ਼ਰੀਦਕੋਟ ਬਣੇ ਚੈਂਪੀਅਨ
